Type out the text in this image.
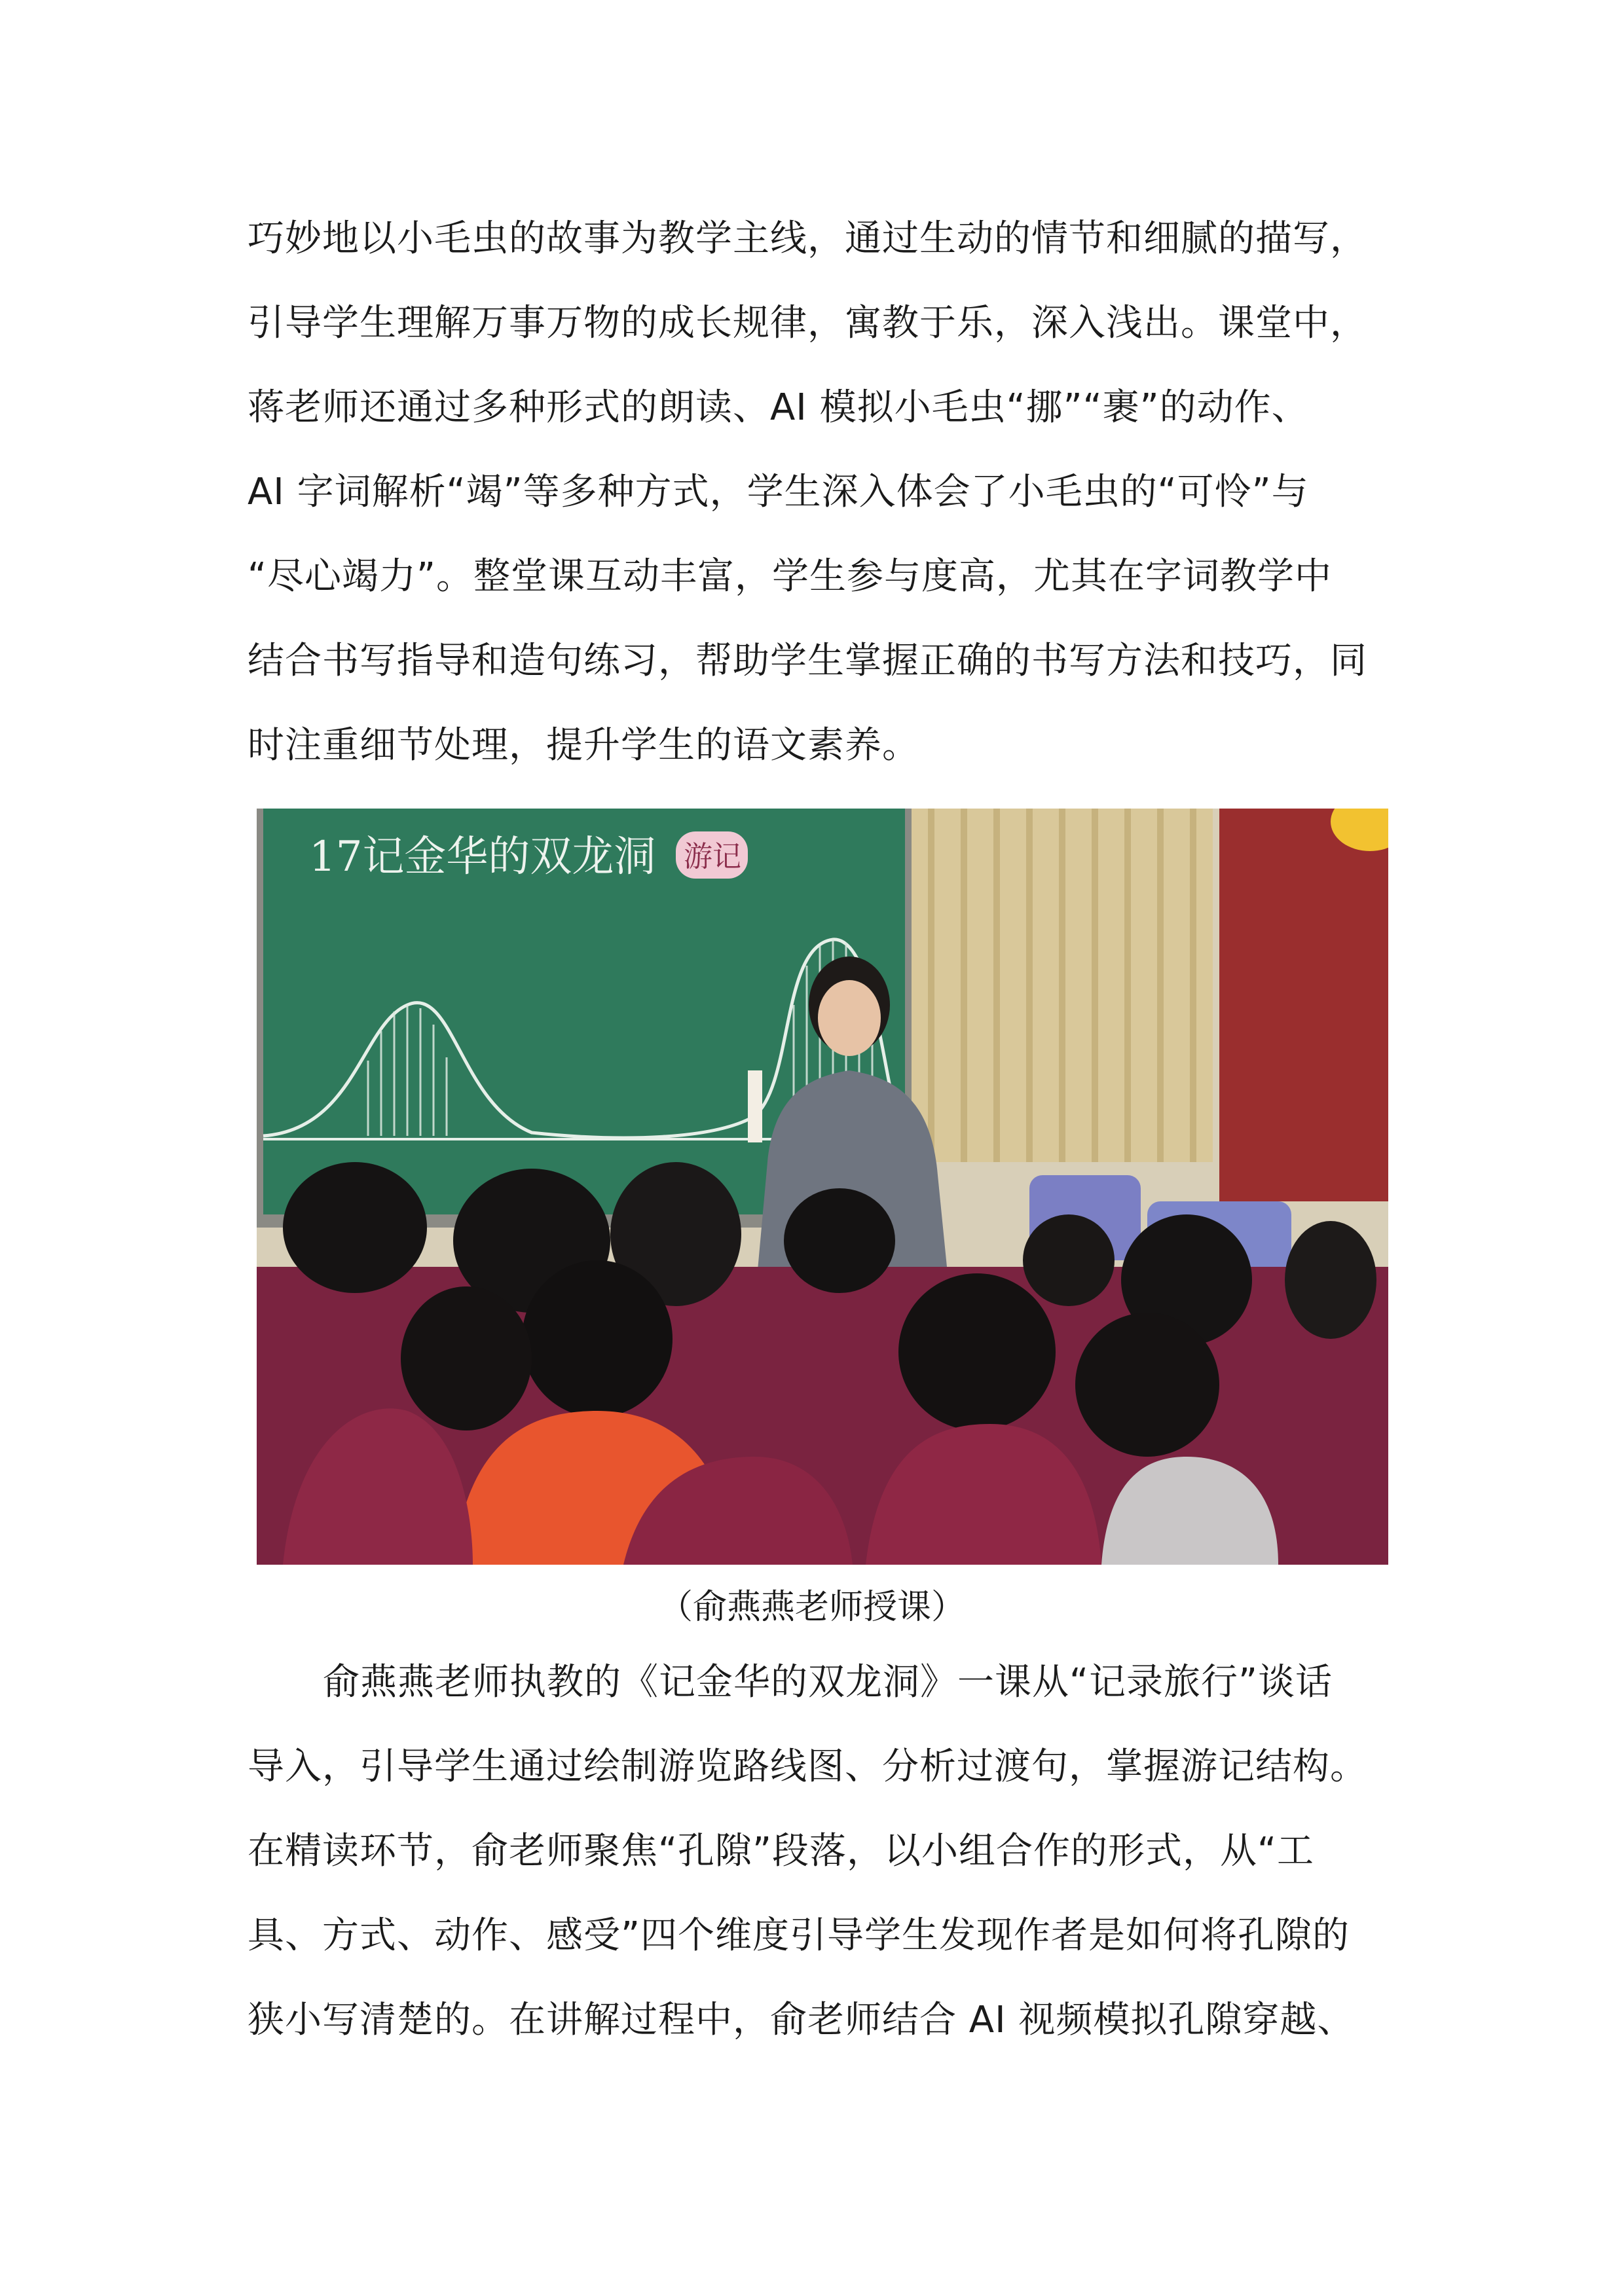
巧妙地以小毛虫的故事为教学主线，通过生动的情节和细腻的描写，
引导学生理解万事万物的成长规律，寓教于乐，深入浅出。课堂中，
蒋老师还通过多种形式的朗读、AI 模拟小毛虫“挪”“裹”的动作、
AI 字词解析“竭”等多种方式，学生深入体会了小毛虫的“可怜”与
“尽心竭力”。整堂课互动丰富，学生参与度高，尤其在字词教学中
结合书写指导和造句练习，帮助学生掌握正确的书写方法和技巧，同
时注重细节处理，提升学生的语文素养。
17记金华的双龙洞 游记
（俞燕燕老师授课）
俞燕燕老师执教的《记金华的双龙洞》一课从“记录旅行”谈话
导入，引导学生通过绘制游览路线图、分析过渡句，掌握游记结构。
在精读环节，俞老师聚焦“孔隙”段落，以小组合作的形式，从“工
具、方式、动作、感受”四个维度引导学生发现作者是如何将孔隙的
狭小写清楚的。在讲解过程中，俞老师结合 AI 视频模拟孔隙穿越、
